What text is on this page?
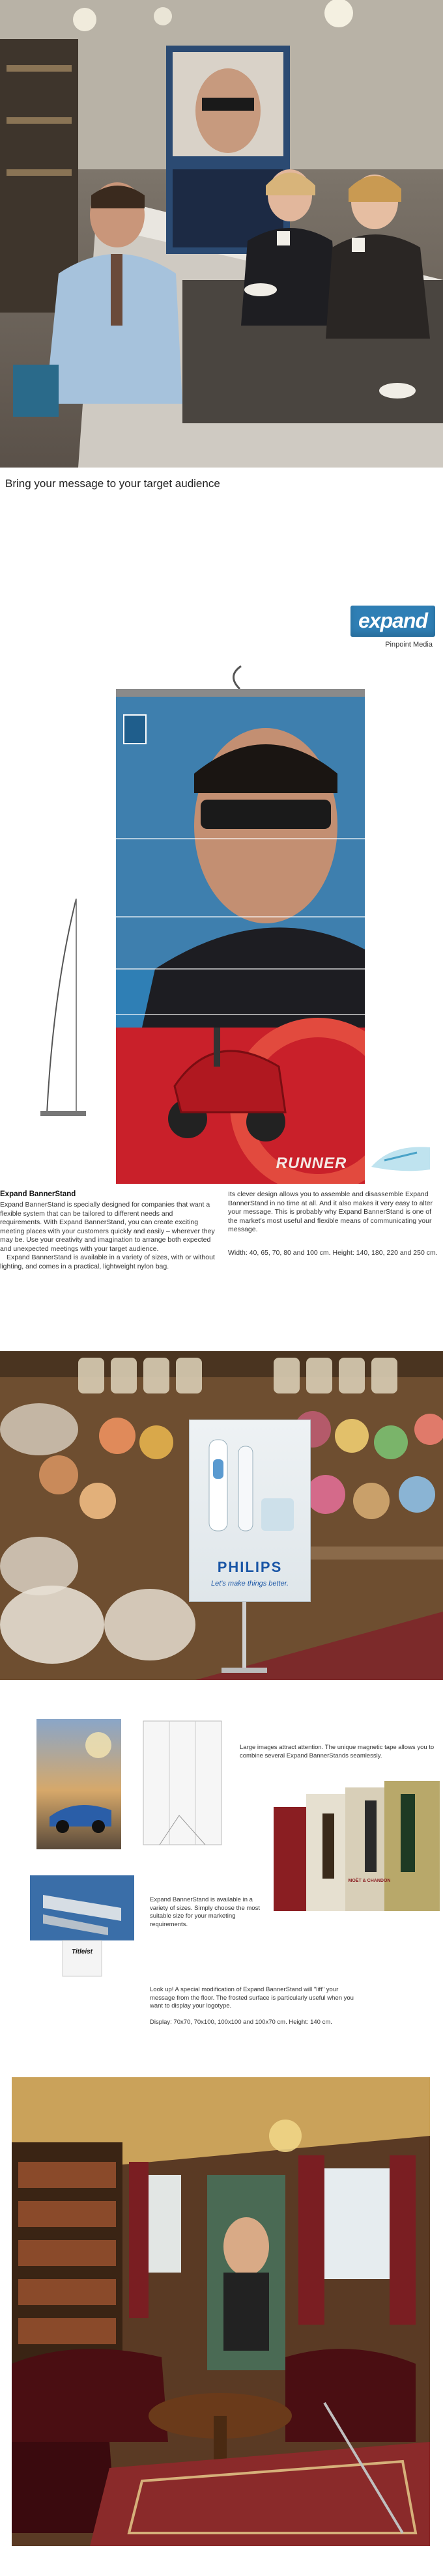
Bring your message to your target audience
expand
Pinpoint Media
RUNNER
Expand BannerStand

Expand BannerStand is specially designed for companies that want a flexible system that can be tailored to different needs and requirements. With Expand BannerStand, you can create exciting meeting places with your customers quickly and easily – wherever they may be. Use your creativity and imagination to arrange both expected and unexpected meetings with your target audience.

Expand BannerStand is available in a variety of sizes, with or without lighting, and comes in a practical, lightweight nylon bag.

Its clever design allows you to assemble and disassemble Expand BannerStand in no time at all. And it also makes it very easy to alter your message. This is probably why Expand BannerStand is one of the market's most useful and flexible means of communicating your message.

Width: 40, 65, 70, 80 and 100 cm. Height: 140, 180, 220 and 250 cm.

PHILIPS
Let's make things better.
Large images attract attention. The unique magnetic tape allows you to combine several Expand BannerStands seamlessly.
MOËT & CHANDON
Titleist
Expand BannerStand is available in a variety of sizes. Simply choose the most suitable size for your marketing requirements.
Look up! A special modification of Expand BannerStand will "lift" your message from the floor. The frosted surface is particularly useful when you want to display your logotype.
Display: 70x70, 70x100, 100x100 and 100x70 cm. Height: 140 cm.
